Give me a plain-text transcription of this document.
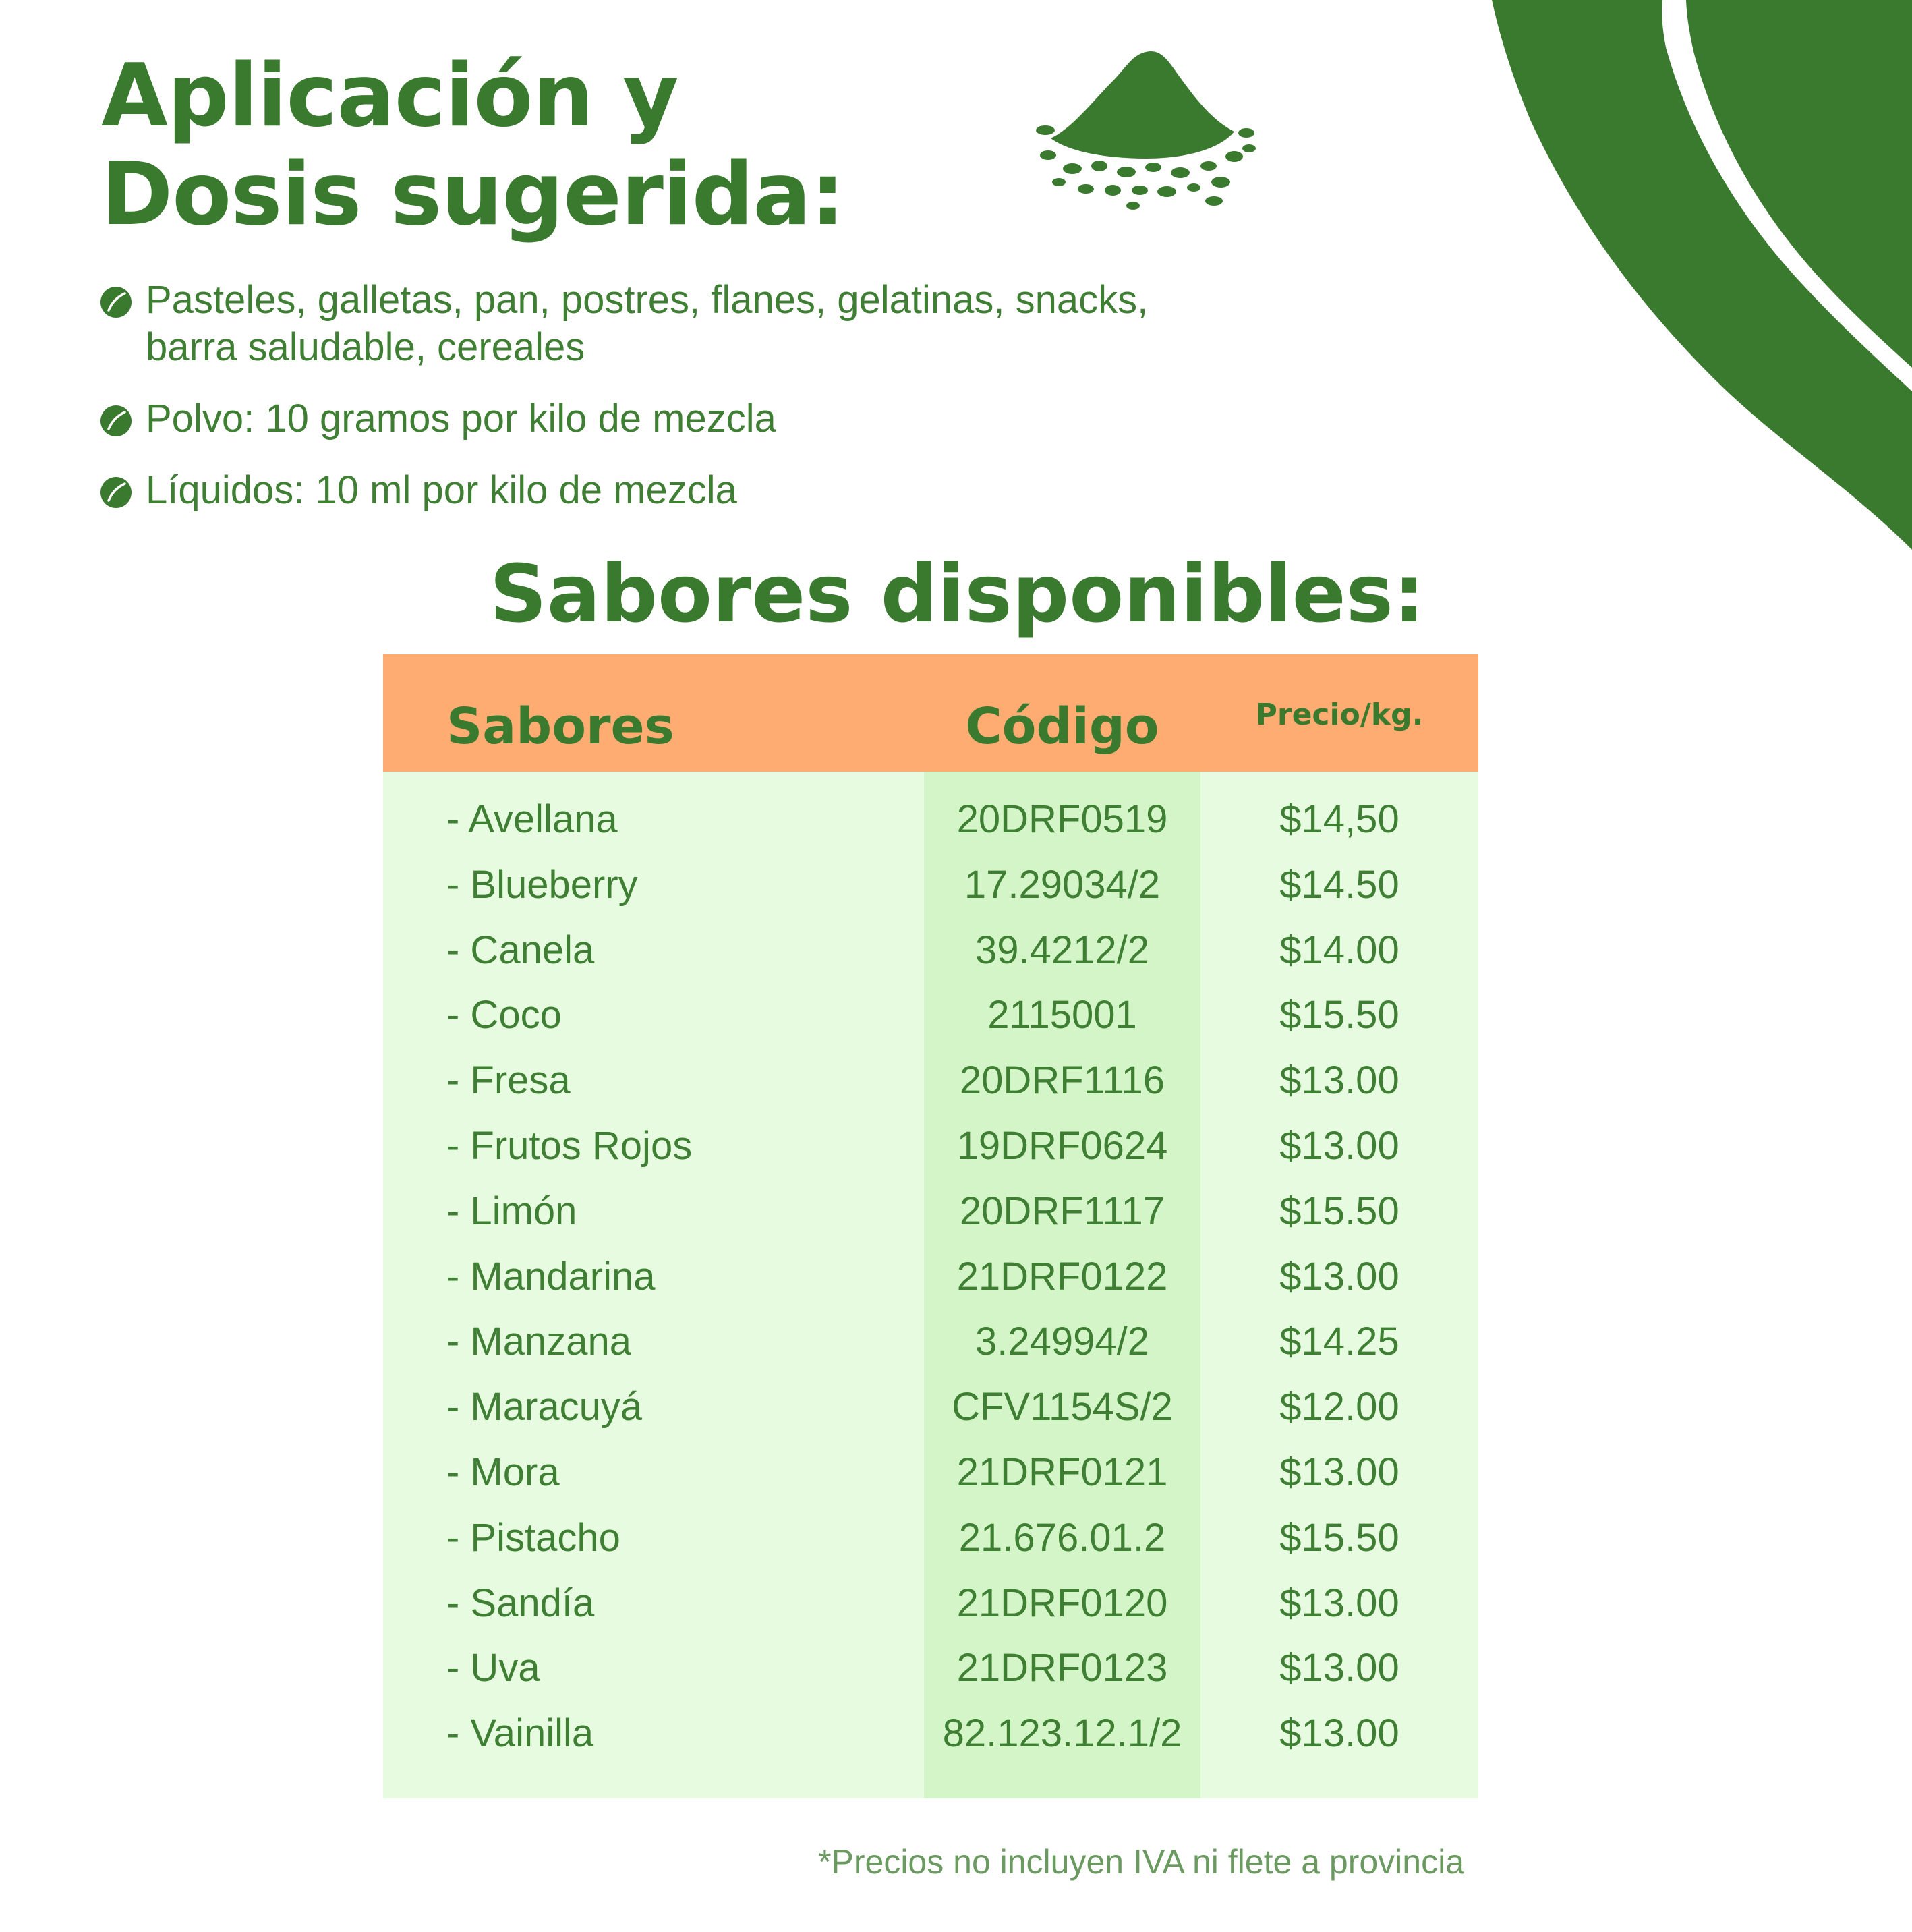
Aplicación y
Dosis sugerida:
Pasteles, galletas, pan, postres, flanes, gelatinas, snacks,
barra saludable, cereales
Polvo: 10 gramos por kilo de mezcla
Líquidos: 10 ml por kilo de mezcla
Sabores disponibles:
Sabores	Código	Precio/kg.
- Avellana	20DRF0519	$14,50
- Blueberry	17.29034/2	$14.50
- Canela	39.4212/2	$14.00
- Coco	2115001	$15.50
- Fresa	20DRF1116	$13.00
- Frutos Rojos	19DRF0624	$13.00
- Limón	20DRF1117	$15.50
- Mandarina	21DRF0122	$13.00
- Manzana	3.24994/2	$14.25
- Maracuyá	CFV1154S/2	$12.00
- Mora	21DRF0121	$13.00
- Pistacho	21.676.01.2	$15.50
- Sandía	21DRF0120	$13.00
- Uva	21DRF0123	$13.00
- Vainilla	82.123.12.1/2	$13.00
*Precios no incluyen IVA ni flete a provincia
